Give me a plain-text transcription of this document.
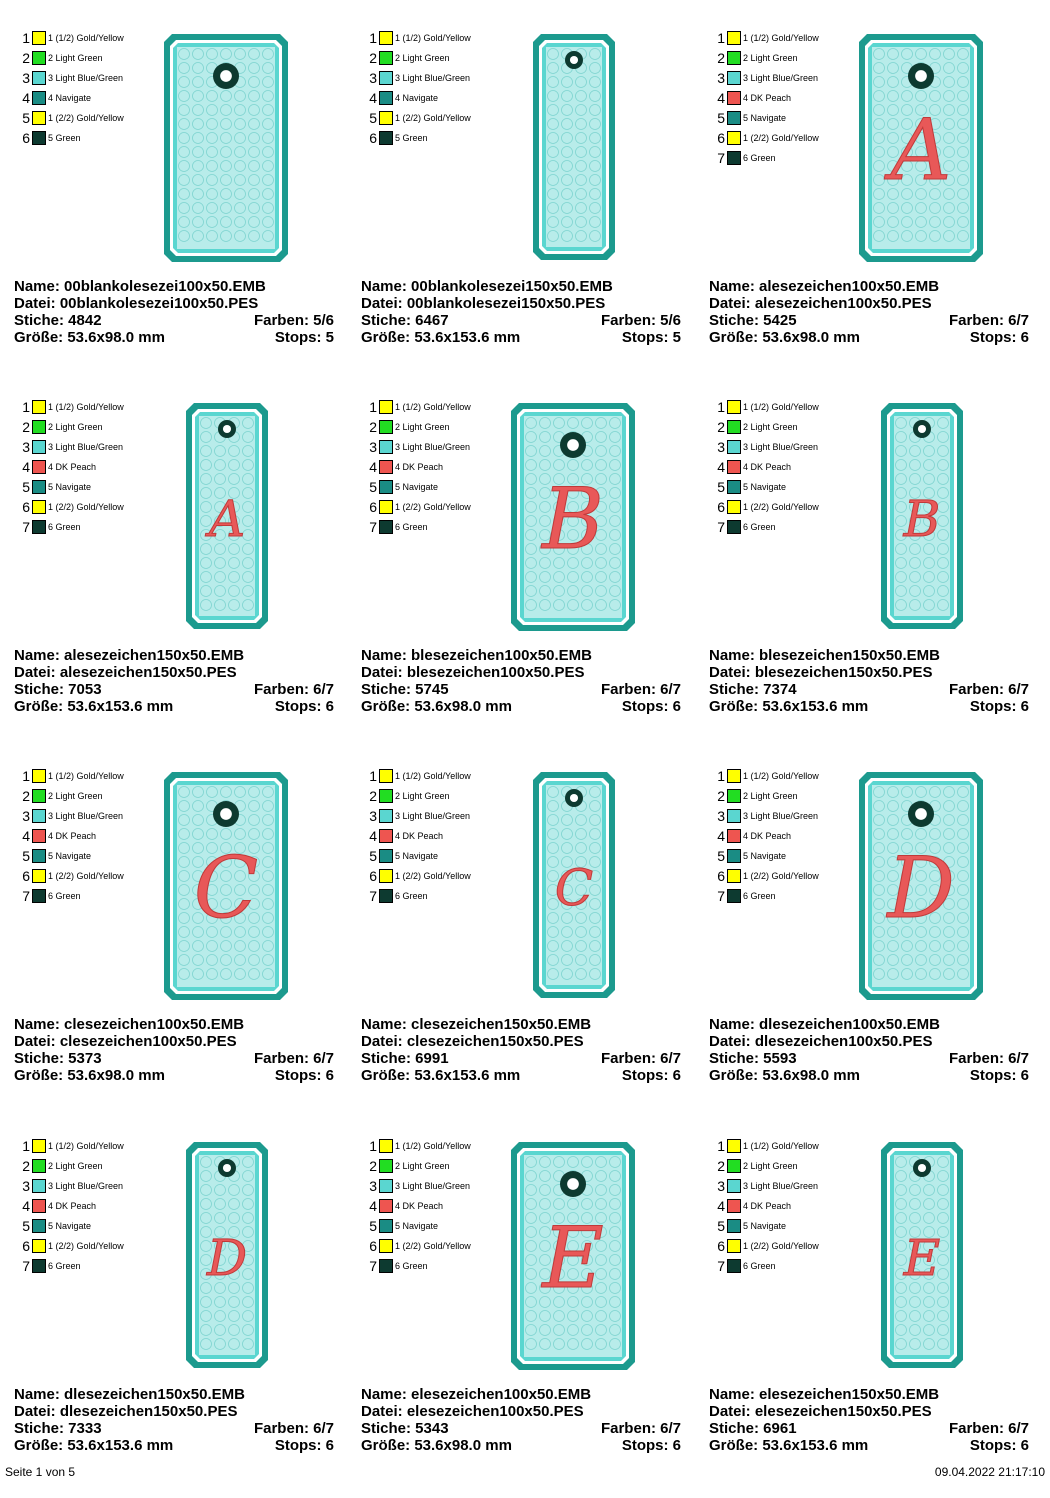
1 1 (1/2) Gold/Yellow
2 2 Light Green
3 3 Light Blue/Green
4 4 Navigate
5 1 (2/2) Gold/Yellow
6 5 Green
Name: 00blankolesezei100x50.EMB
Datei: 00blankolesezei100x50.PES
Stiche: 4842	Farben: 5/6
Größe: 53.6x98.0 mm	Stops: 5
1 1 (1/2) Gold/Yellow
2 2 Light Green
3 3 Light Blue/Green
4 4 Navigate
5 1 (2/2) Gold/Yellow
6 5 Green
Name: 00blankolesezei150x50.EMB
Datei: 00blankolesezei150x50.PES
Stiche: 6467	Farben: 5/6
Größe: 53.6x153.6 mm	Stops: 5
1 1 (1/2) Gold/Yellow
2 2 Light Green
3 3 Light Blue/Green
4 4 DK Peach
5 5 Navigate
6 1 (2/2) Gold/Yellow
7 6 Green	A
Name: alesezeichen100x50.EMB
Datei: alesezeichen100x50.PES
Stiche: 5425	Farben: 6/7
Größe: 53.6x98.0 mm	Stops: 6
1 1 (1/2) Gold/Yellow
2 2 Light Green
3 3 Light Blue/Green
4 4 DK Peach
5 5 Navigate
6 1 (2/2) Gold/Yellow
7 6 Green	A
Name: alesezeichen150x50.EMB
Datei: alesezeichen150x50.PES
Stiche: 7053	Farben: 6/7
Größe: 53.6x153.6 mm	Stops: 6
1 1 (1/2) Gold/Yellow
2 2 Light Green
3 3 Light Blue/Green
4 4 DK Peach
5 5 Navigate
6 1 (2/2) Gold/Yellow
7 6 Green	B
Name: blesezeichen100x50.EMB
Datei: blesezeichen100x50.PES
Stiche: 5745	Farben: 6/7
Größe: 53.6x98.0 mm	Stops: 6
1 1 (1/2) Gold/Yellow
2 2 Light Green
3 3 Light Blue/Green
4 4 DK Peach
5 5 Navigate
6 1 (2/2) Gold/Yellow
7 6 Green	B
Name: blesezeichen150x50.EMB
Datei: blesezeichen150x50.PES
Stiche: 7374	Farben: 6/7
Größe: 53.6x153.6 mm	Stops: 6
1 1 (1/2) Gold/Yellow
2 2 Light Green
3 3 Light Blue/Green
4 4 DK Peach
5 5 Navigate
6 1 (2/2) Gold/Yellow
7 6 Green	C
Name: clesezeichen100x50.EMB
Datei: clesezeichen100x50.PES
Stiche: 5373	Farben: 6/7
Größe: 53.6x98.0 mm	Stops: 6
1 1 (1/2) Gold/Yellow
2 2 Light Green
3 3 Light Blue/Green
4 4 DK Peach
5 5 Navigate
6 1 (2/2) Gold/Yellow
7 6 Green	C
Name: clesezeichen150x50.EMB
Datei: clesezeichen150x50.PES
Stiche: 6991	Farben: 6/7
Größe: 53.6x153.6 mm	Stops: 6
1 1 (1/2) Gold/Yellow
2 2 Light Green
3 3 Light Blue/Green
4 4 DK Peach
5 5 Navigate
6 1 (2/2) Gold/Yellow
7 6 Green	D
Name: dlesezeichen100x50.EMB
Datei: dlesezeichen100x50.PES
Stiche: 5593	Farben: 6/7
Größe: 53.6x98.0 mm	Stops: 6
1 1 (1/2) Gold/Yellow
2 2 Light Green
3 3 Light Blue/Green
4 4 DK Peach
5 5 Navigate
6 1 (2/2) Gold/Yellow
7 6 Green	D
Name: dlesezeichen150x50.EMB
Datei: dlesezeichen150x50.PES
Stiche: 7333	Farben: 6/7
Größe: 53.6x153.6 mm	Stops: 6
1 1 (1/2) Gold/Yellow
2 2 Light Green
3 3 Light Blue/Green
4 4 DK Peach
5 5 Navigate
6 1 (2/2) Gold/Yellow
7 6 Green	E
Name: elesezeichen100x50.EMB
Datei: elesezeichen100x50.PES
Stiche: 5343	Farben: 6/7
Größe: 53.6x98.0 mm	Stops: 6
1 1 (1/2) Gold/Yellow
2 2 Light Green
3 3 Light Blue/Green
4 4 DK Peach
5 5 Navigate
6 1 (2/2) Gold/Yellow
7 6 Green	E
Name: elesezeichen150x50.EMB
Datei: elesezeichen150x50.PES
Stiche: 6961	Farben: 6/7
Größe: 53.6x153.6 mm	Stops: 6
Seite 1 von 5	09.04.2022 21:17:10
